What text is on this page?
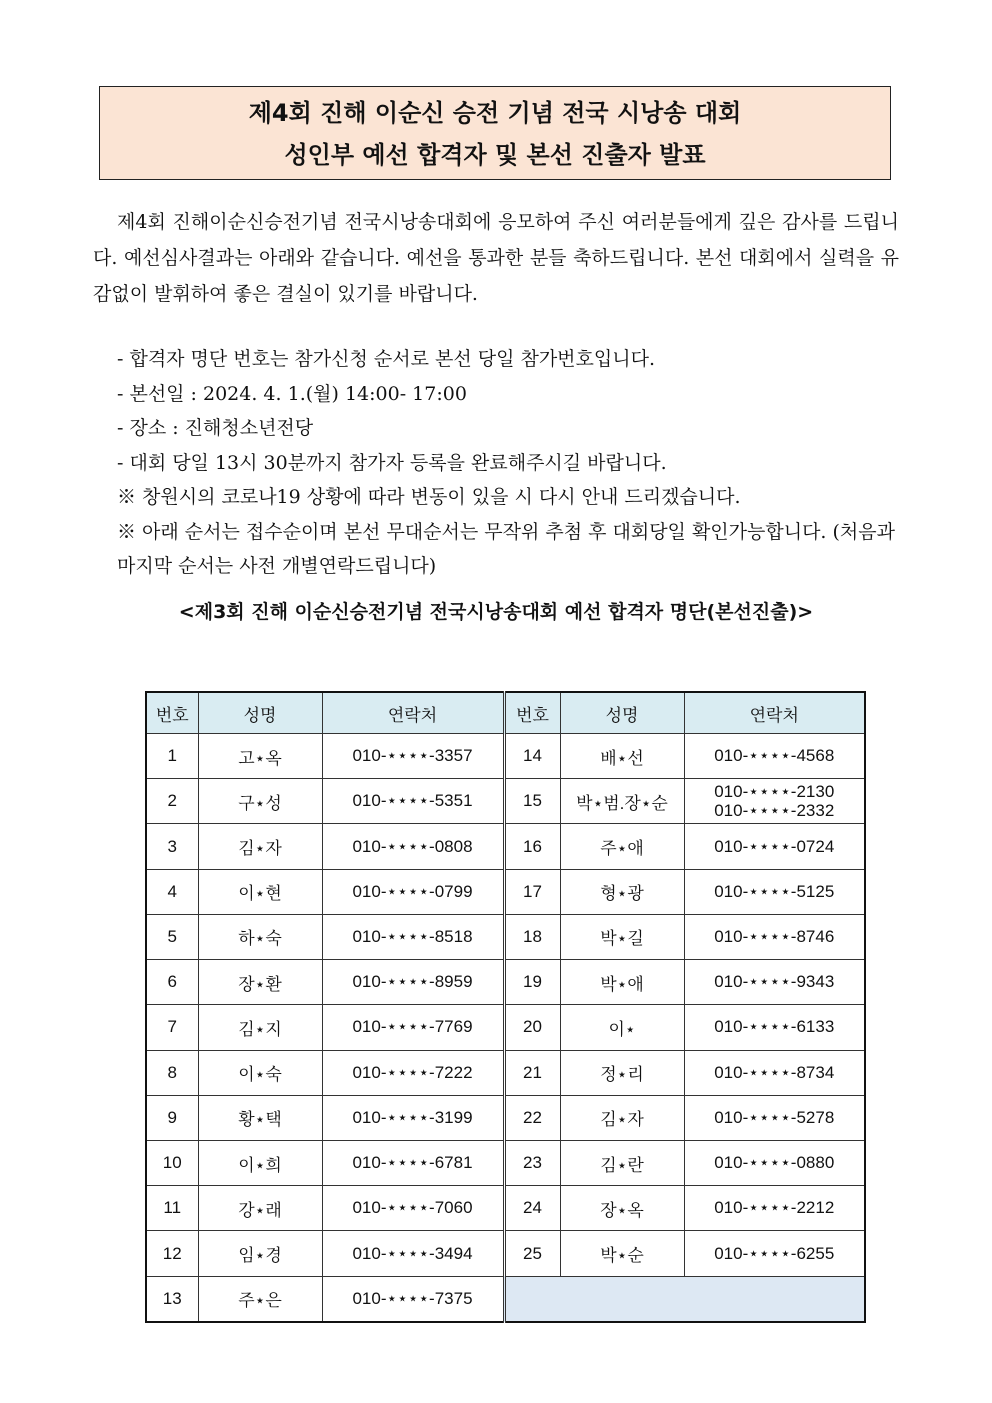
제4회 진해 이순신 승전 기념 전국 시낭송 대회
성인부 예선 합격자 및 본선 진출자 발표
제4회 진해이순신승전기념 전국시낭송대회에 응모하여 주신 여러분들에게 깊은 감사를 드립니다. 예선심사결과는 아래와 같습니다. 예선을 통과한 분들 축하드립니다. 본선 대회에서 실력을 유감없이 발휘하여 좋은 결실이 있기를 바랍니다.
- 합격자 명단 번호는 참가신청 순서로 본선 당일 참가번호입니다.
- 본선일 : 2024. 4. 1.(월) 14:00- 17:00
- 장소 : 진해청소년전당
- 대회 당일 13시 30분까지 참가자 등록을 완료해주시길 바랍니다.
※ 창원시의 코로나19 상황에 따라 변동이 있을 시 다시 안내 드리겠습니다.
※ 아래 순서는 접수순이며 본선 무대순서는 무작위 추첨 후 대회당일 확인가능합니다. (처음과 마지막 순서는 사전 개별연락드립니다)
<제3회 진해 이순신승전기념 전국시낭송대회 예선 합격자 명단(본선진출)>
번호	성명	연락처	번호	성명	연락처
1	고⋆옥	010-⋆⋆⋆⋆-3357	14	배⋆선	010-⋆⋆⋆⋆-4568
2	구⋆성	010-⋆⋆⋆⋆-5351	15	박⋆범.장⋆순	010-⋆⋆⋆⋆-2130
010-⋆⋆⋆⋆-2332

3	김⋆자	010-⋆⋆⋆⋆-0808	16	주⋆애	010-⋆⋆⋆⋆-0724
4	이⋆현	010-⋆⋆⋆⋆-0799	17	형⋆광	010-⋆⋆⋆⋆-5125
5	하⋆숙	010-⋆⋆⋆⋆-8518	18	박⋆길	010-⋆⋆⋆⋆-8746
6	장⋆환	010-⋆⋆⋆⋆-8959	19	박⋆애	010-⋆⋆⋆⋆-9343
7	김⋆지	010-⋆⋆⋆⋆-7769	20	이⋆	010-⋆⋆⋆⋆-6133
8	이⋆숙	010-⋆⋆⋆⋆-7222	21	정⋆리	010-⋆⋆⋆⋆-8734
9	황⋆택	010-⋆⋆⋆⋆-3199	22	김⋆자	010-⋆⋆⋆⋆-5278
10	이⋆희	010-⋆⋆⋆⋆-6781	23	김⋆란	010-⋆⋆⋆⋆-0880
11	강⋆래	010-⋆⋆⋆⋆-7060	24	장⋆옥	010-⋆⋆⋆⋆-2212
12	임⋆경	010-⋆⋆⋆⋆-3494	25	박⋆순	010-⋆⋆⋆⋆-6255
13	주⋆은	010-⋆⋆⋆⋆-7375			
